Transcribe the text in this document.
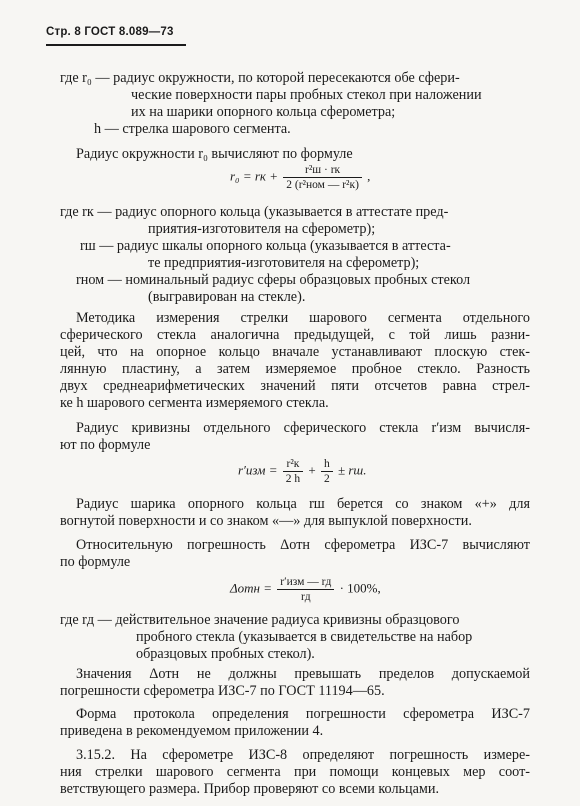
Стр. 8 ГОСТ 8.089—73
где r₀ — радиус окружности, по которой пересекаются обе сфери-
ческие поверхности пары пробных стекол при наложении
их на шарики опорного кольца сферометра;
h — стрелка шарового сегмента.
Радиус окружности r₀ вычисляют по формуле
r₀ = rк + $\frac{\text{r²ш · rк}}{\text{2 (r²ном — r²к)}}$ ,
где rк — радиус опорного кольца (указывается в аттестате пред-
приятия-изготовителя на сферометр);
rш — радиус шкалы опорного кольца (указывается в аттеста-
те предприятия-изготовителя на сферометр);
rном — номинальный радиус сферы образцовых пробных стекол
(выгравирован на стекле).
Методика измерения стрелки шарового сегмента отдельного
сферического стекла аналогична предыдущей, с той лишь разни-
цей, что на опорное кольцо вначале устанавливают плоскую стек-
лянную пластину, а затем измеряемое пробное стекло. Разность
двух среднеарифметических значений пяти отсчетов равна стрел-
ке h шарового сегмента измеряемого стекла.
Радиус кривизны отдельного сферического стекла r′изм вычисля-
ют по формуле
$r'изм = \frac{\text{r²к}}{2 h} + \frac{h}{2}$ ± rш.
Радиус шарика опорного кольца rш берется со знаком «+» для
вогнутой поверхности и со знаком «—» для выпуклой поверхности.
Относительную погрешность Δотн сферометра ИЗС-7 вычисляют
по формуле
$\Delta отн = \frac{\text{r′изм — rд}}{rд} \cdot 100\%$,
где rд — действительное значение радиуса кривизны образцового
пробного стекла (указывается в свидетельстве на набор
образцовых пробных стекол).
Значения Δотн не должны превышать пределов допускаемой
погрешности сферометра ИЗС-7 по ГОСТ 11194—65.
Форма протокола определения погрешности сферометра ИЗС-7
приведена в рекомендуемом приложении 4.
3.15.2. На сферометре ИЗС-8 определяют погрешность измере-
ния стрелки шарового сегмента при помощи концевых мер соот-
ветствующего размера. Прибор проверяют со всеми кольцами.
